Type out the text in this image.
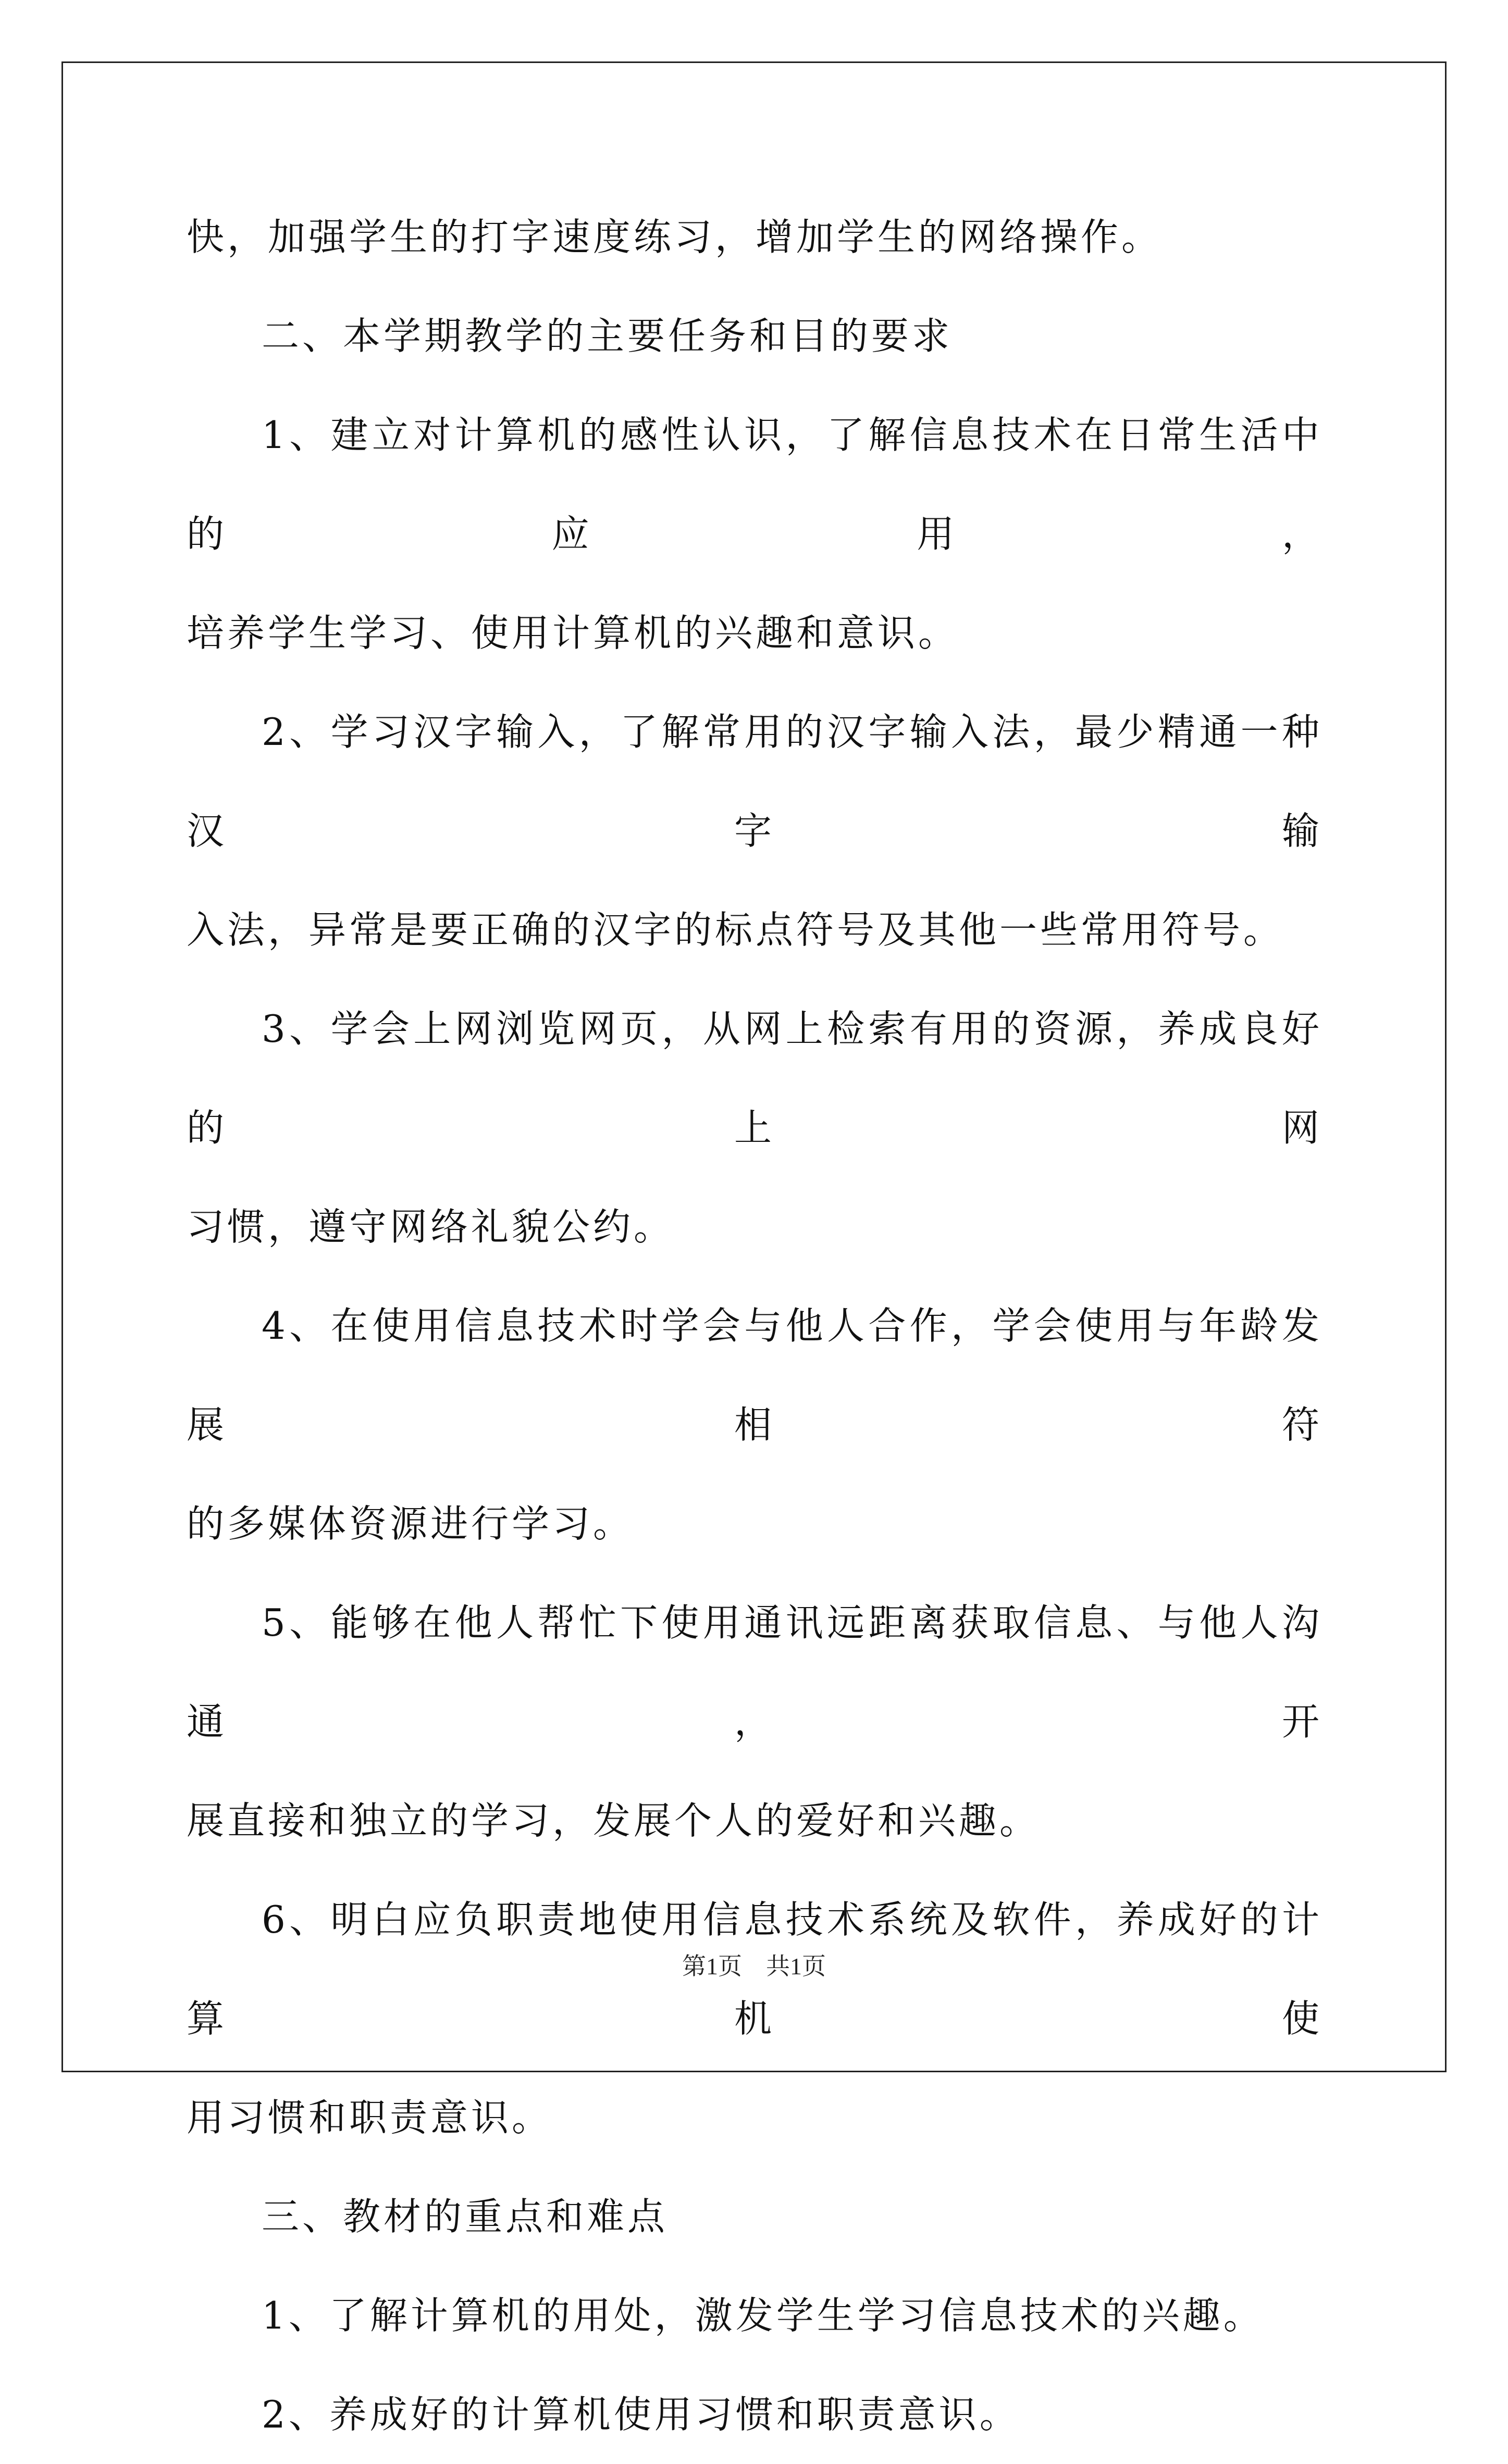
快，加强学生的打字速度练习，增加学生的网络操作。

二、本学期教学的主要任务和目的要求

1、建立对计算机的感性认识，了解信息技术在日常生活中的应用，

培养学生学习、使用计算机的兴趣和意识。

2、学习汉字输入，了解常用的汉字输入法，最少精通一种汉字输

入法，异常是要正确的汉字的标点符号及其他一些常用符号。

3、学会上网浏览网页，从网上检索有用的资源，养成良好的上网

习惯，遵守网络礼貌公约。

4、在使用信息技术时学会与他人合作，学会使用与年龄发展相符

的多媒体资源进行学习。

5、能够在他人帮忙下使用通讯远距离获取信息、与他人沟通，开

展直接和独立的学习，发展个人的爱好和兴趣。

6、明白应负职责地使用信息技术系统及软件，养成好的计算机使

用习惯和职责意识。

三、教材的重点和难点

1、了解计算机的用处，激发学生学习信息技术的兴趣。

2、养成好的计算机使用习惯和职责意识。

第1页　共1页
